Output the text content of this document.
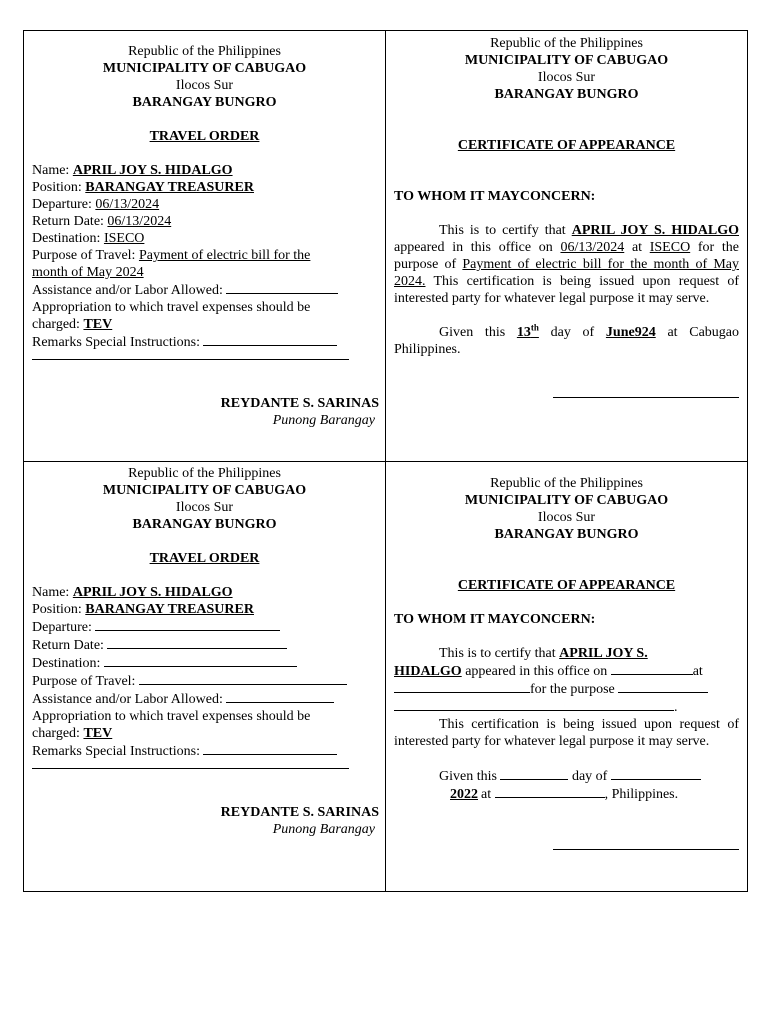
Republic of the Philippines
MUNICIPALITY OF CABUGAO
Ilocos Sur
BARANGAY BUNGRO
TRAVEL ORDER
Name: APRIL JOY S. HIDALGO
Position: BARANGAY TREASURER
Departure: 06/13/2024
Return Date: 06/13/2024
Destination: ISECO
Purpose of Travel: Payment of electric bill for the
month of May 2024
Assistance and/or Labor Allowed:
Appropriation to which travel expenses should be
charged: TEV
Remarks Special Instructions:
REYDANTE S. SARINAS
Punong Barangay
Republic of the Philippines
MUNICIPALITY OF CABUGAO
Ilocos Sur
BARANGAY BUNGRO
CERTIFICATE OF APPEARANCE
TO WHOM IT MAYCONCERN:
This is to certify that APRIL JOY S. HIDALGO appeared in this office on 06/13/2024 at ISECO for the purpose of Payment of electric bill for the month of May 2024. This certification is being issued upon request of interested party for whatever legal purpose it may serve.
Given this 13th day of June924 at Cabugao Philippines.
Republic of the Philippines
MUNICIPALITY OF CABUGAO
Ilocos Sur
BARANGAY BUNGRO
TRAVEL ORDER
Name: APRIL JOY S. HIDALGO
Position: BARANGAY TREASURER
Departure:
Return Date:
Destination:
Purpose of Travel:
Assistance and/or Labor Allowed:
Appropriation to which travel expenses should be
charged: TEV
Remarks Special Instructions:
REYDANTE S. SARINAS
Punong Barangay
Republic of the Philippines
MUNICIPALITY OF CABUGAO
Ilocos Sur
BARANGAY BUNGRO
CERTIFICATE OF APPEARANCE
TO WHOM IT MAYCONCERN:
This is to certify that APRIL JOY S.
HIDALGO appeared in this office on	at
for the purpose
.
This certification is being issued upon request of interested party for whatever legal purpose it may serve.
Given this	day of
2022 at	, Philippines.
